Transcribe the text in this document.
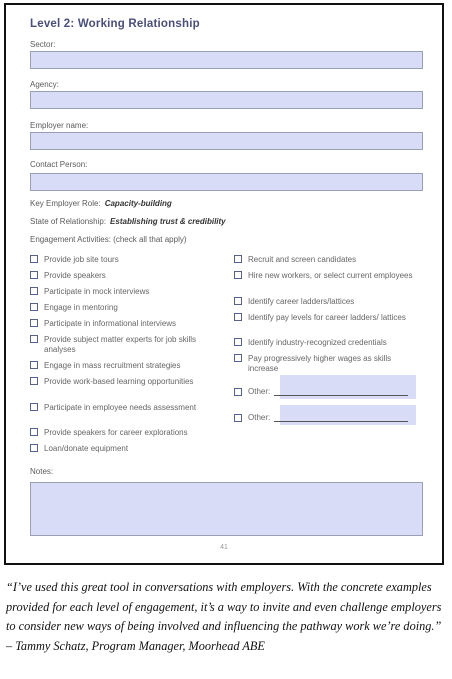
Level 2: Working Relationship
Sector:
Agency:
Employer name:
Contact Person:
Key Employer Role: Capacity-building
State of Relationship: Establishing trust & credibility
Engagement Activities: (check all that apply)
Provide job site tours
Provide speakers
Participate in mock interviews
Engage in mentoring
Participate in informational interviews
Provide subject matter experts for job skills analyses
Engage in mass recruitment strategies
Provide work-based learning opportunities
Participate in employee needs assessment
Provide speakers for career explorations
Loan/donate equipment
Recruit and screen candidates
Hire new workers, or select current employees
Identify career ladders/lattices
Identify pay levels for career ladders/ lattices
Identify industry-recognized credentials
Pay progressively higher wages as skills increase
Other:
Other:
Notes:
41
“I’ve used this great tool in conversations with employers. With the concrete examples provided for each level of engagement, it’s a way to invite and even challenge employers to consider new ways of being involved and influencing the pathway work we’re doing.” – Tammy Schatz, Program Manager, Moorhead ABE
